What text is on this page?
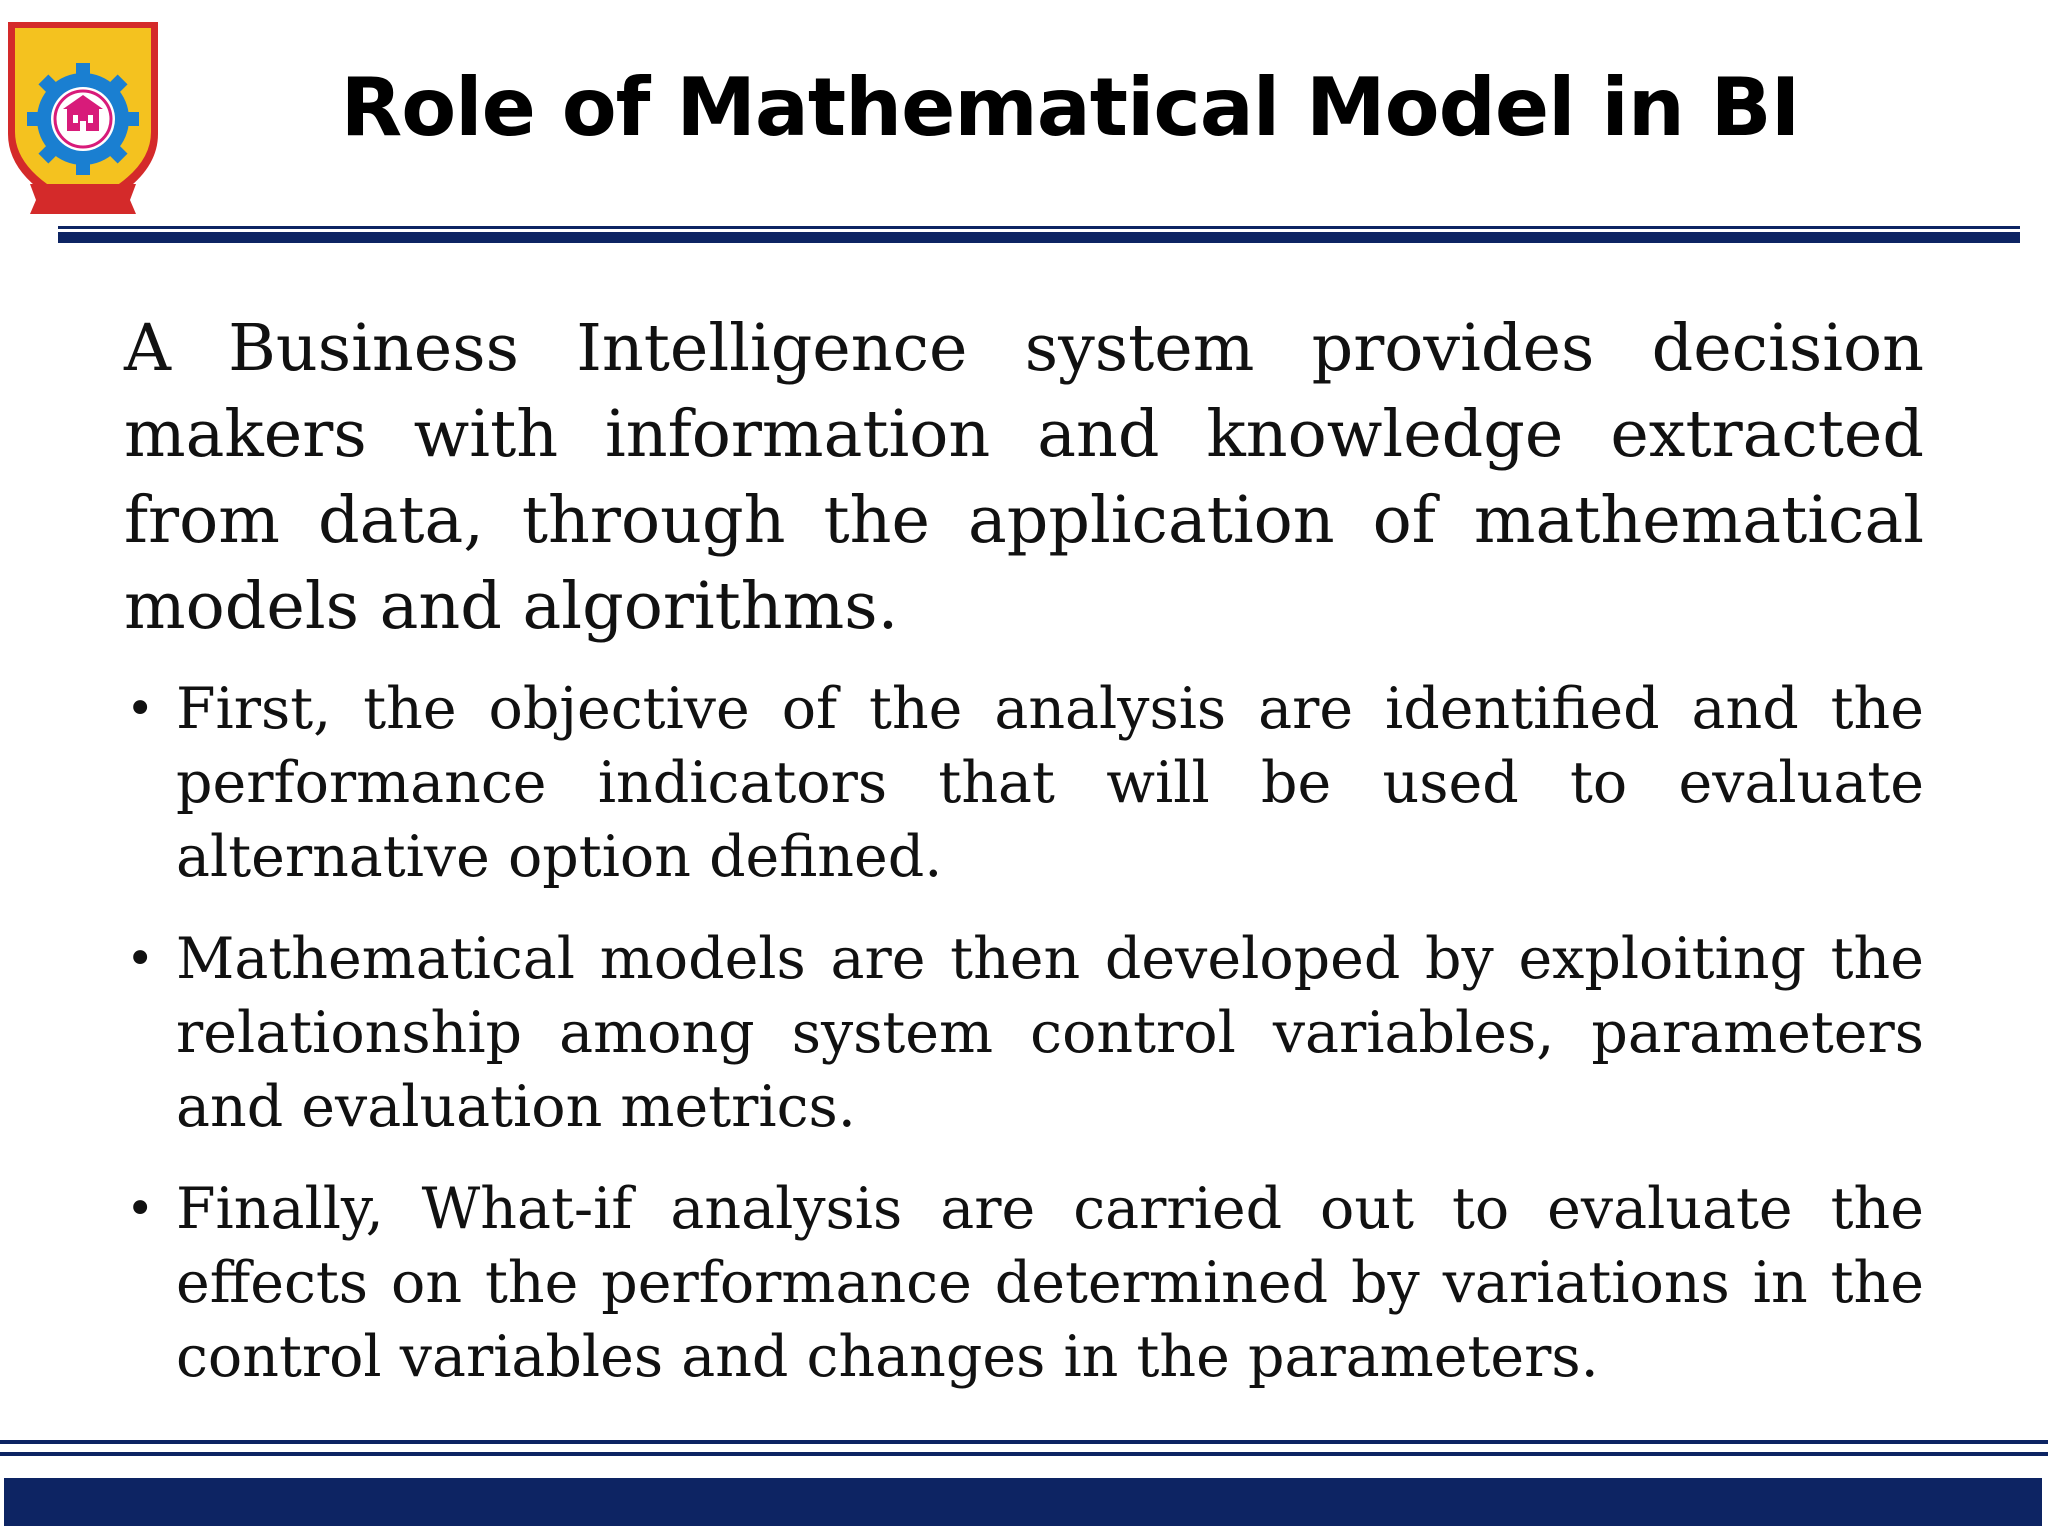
Role of Mathematical Model in BI

A Business Intelligence system provides decision makers with information and knowledge extracted from data, through the application of mathematical models and algorithms.

• First, the objective of the analysis are identified and the performance indicators that will be used to evaluate alternative option defined.
• Mathematical models are then developed by exploiting the relationship among system control variables, parameters and evaluation metrics.
• Finally, What-if analysis are carried out to evaluate the effects on the performance determined by variations in the control variables and changes in the parameters.
